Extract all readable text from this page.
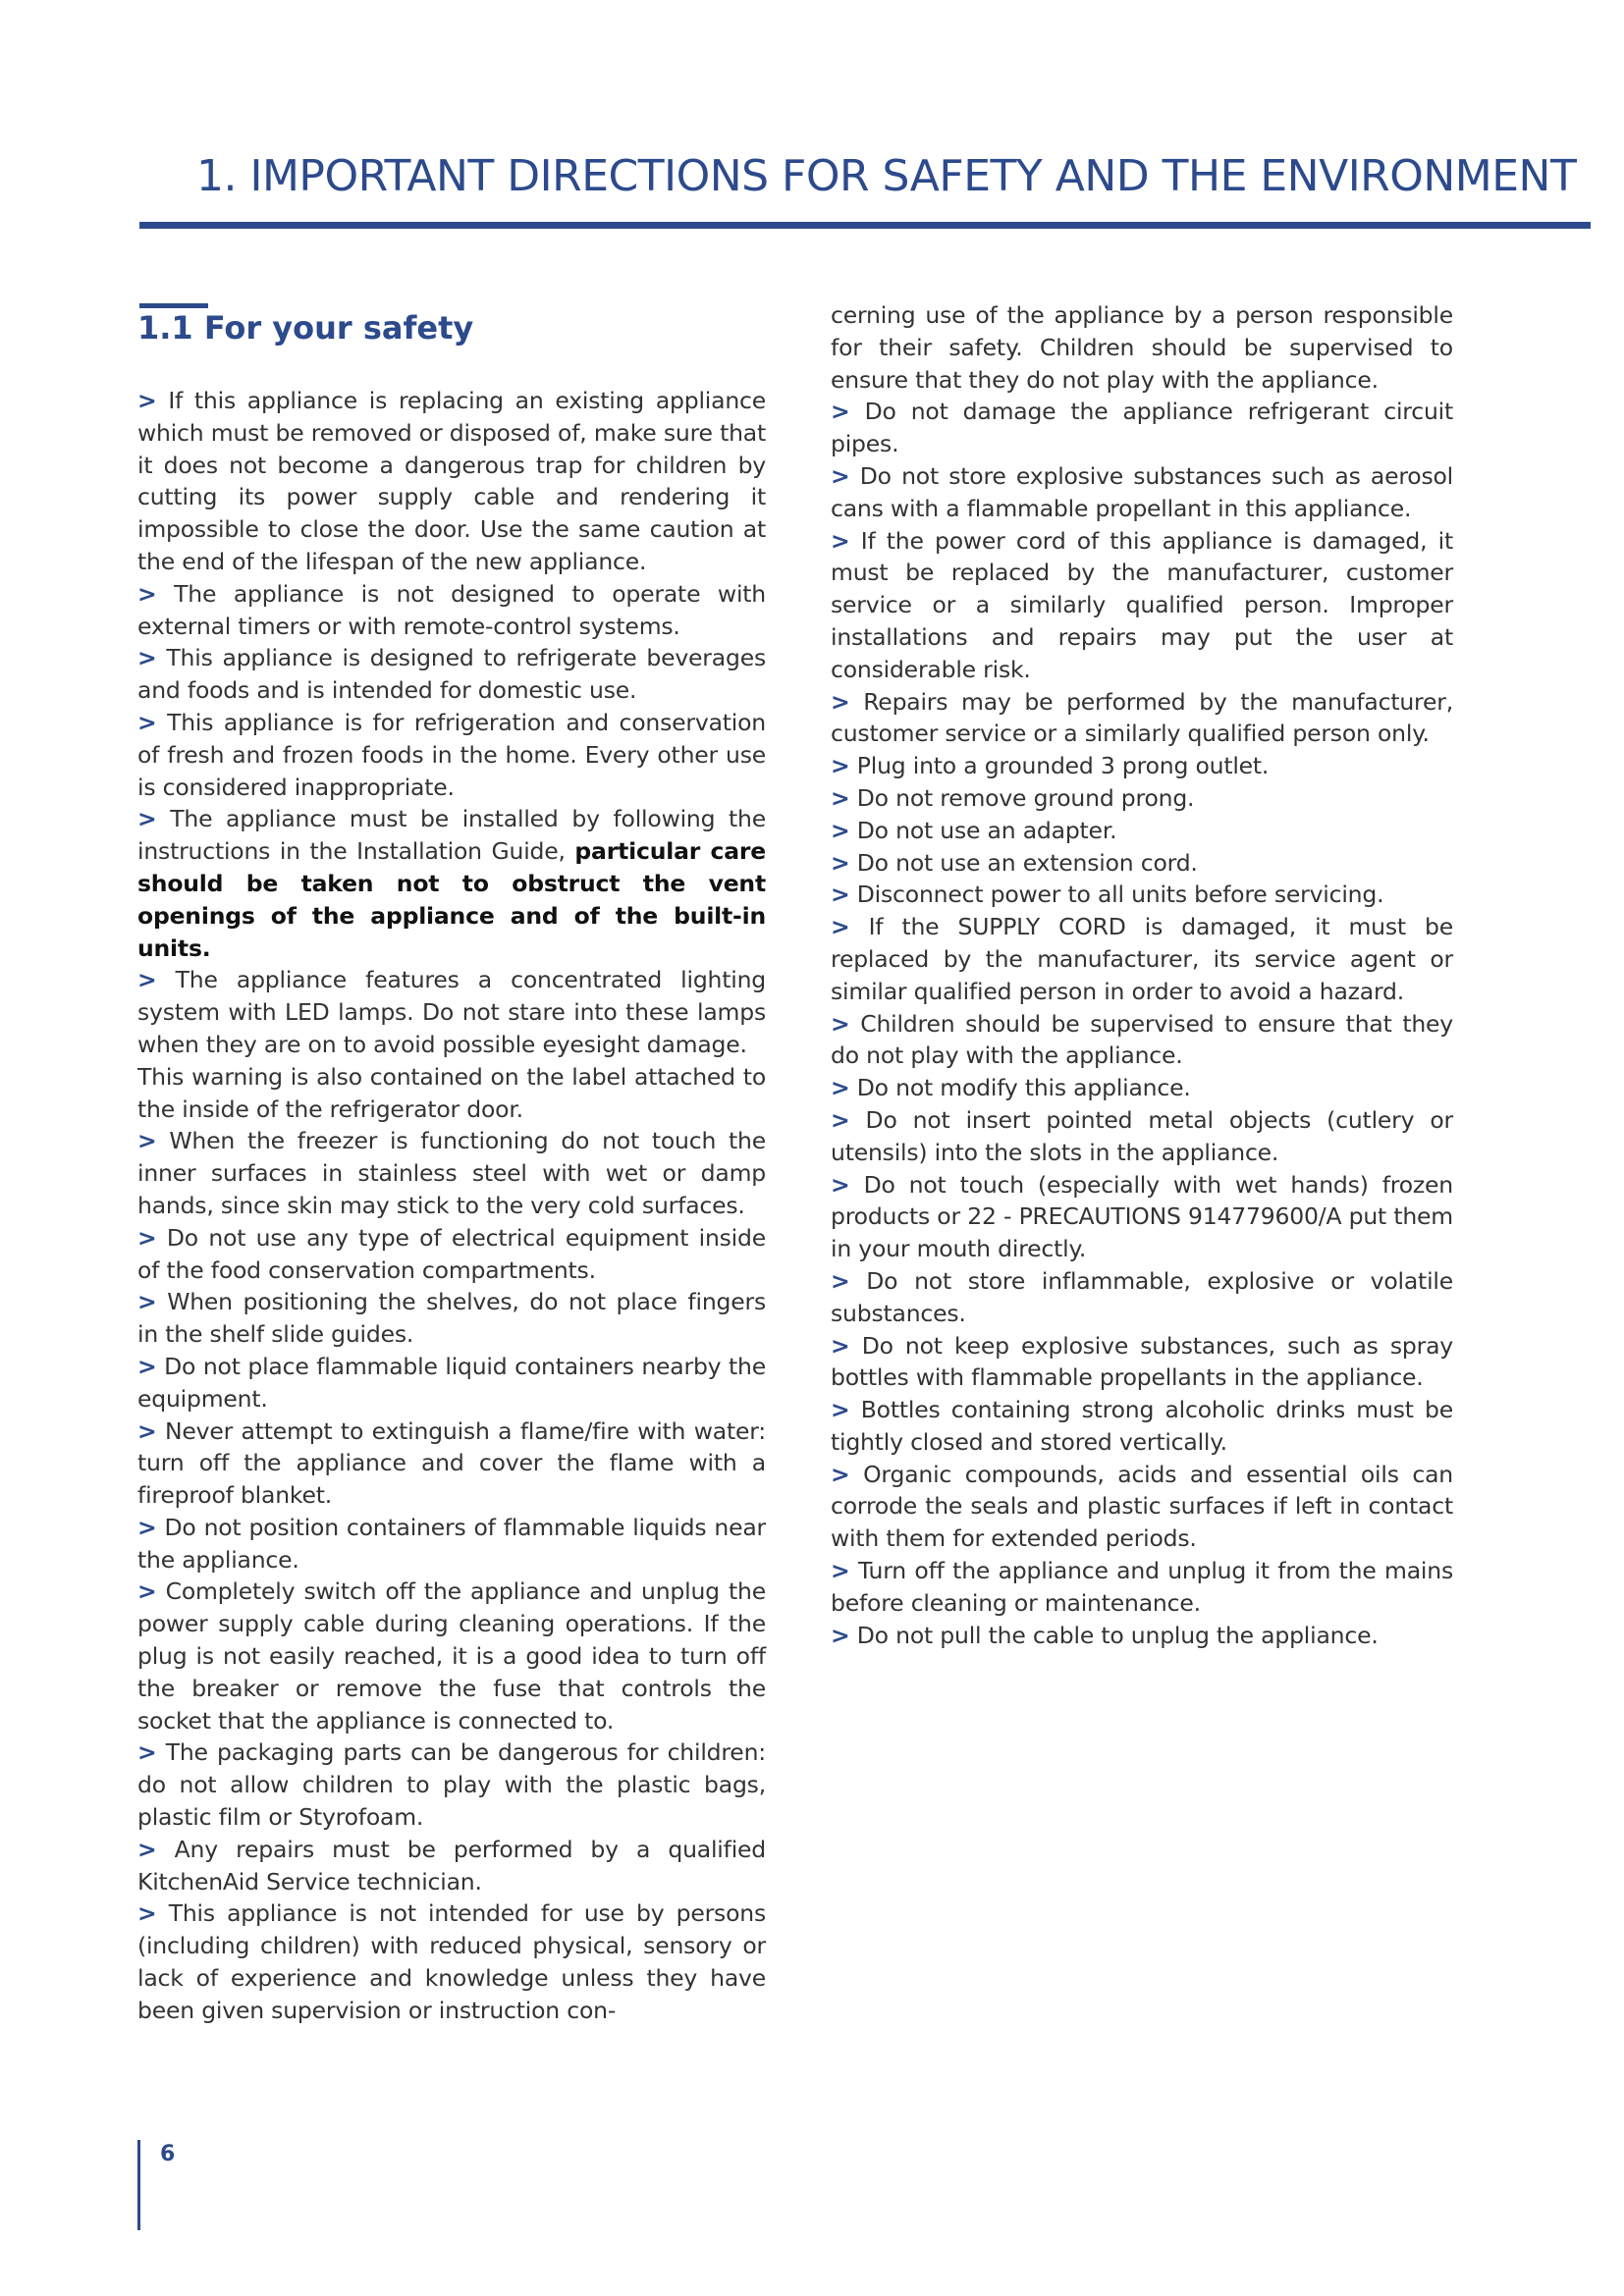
1. IMPORTANT DIRECTIONS FOR SAFETY AND THE ENVIRONMENT
1.1 For your safety

> If this appliance is replacing an existing appliance which must be removed or disposed of, make sure that it does not become a dangerous trap for children by cutting its power supply cable and rendering it impossible to close the door. Use the same caution at the end of the lifespan of the new appliance.

> The appliance is not designed to operate with external timers or with remote-control systems.

> This appliance is designed to refrigerate beverages and foods and is intended for domestic use.

> This appliance is for refrigeration and conservation of fresh and frozen foods in the home. Every other use is considered inappropriate.

> The appliance must be installed by following the instructions in the Installation Guide, particular care should be taken not to obstruct the vent openings of the appliance and of the built-in units.

> The appliance features a concentrated lighting system with LED lamps. Do not stare into these lamps when they are on to avoid possible eyesight damage.

This warning is also contained on the label attached to the inside of the refrigerator door.

> When the freezer is functioning do not touch the inner surfaces in stainless steel with wet or damp hands, since skin may stick to the very cold surfaces.

> Do not use any type of electrical equipment inside of the food conservation compartments.

> When positioning the shelves, do not place fingers in the shelf slide guides.

> Do not place flammable liquid containers nearby the equipment.

> Never attempt to extinguish a flame/fire with water: turn off the appliance and cover the flame with a fireproof blanket.

> Do not position containers of flammable liquids near the appliance.

> Completely switch off the appliance and unplug the power supply cable during cleaning operations. If the plug is not easily reached, it is a good idea to turn off the breaker or remove the fuse that controls the socket that the appliance is connected to.

> The packaging parts can be dangerous for children: do not allow children to play with the plastic bags, plastic film or Styrofoam.

> Any repairs must be performed by a qualified KitchenAid Service technician.

> This appliance is not intended for use by persons (including children) with reduced physical, sensory or lack of experience and knowledge unless they have been given supervision or instruction con-

cerning use of the appliance by a person responsible for their safety. Children should be supervised to ensure that they do not play with the appliance.

> Do not damage the appliance refrigerant circuit pipes.

> Do not store explosive substances such as aerosol cans with a flammable propellant in this appliance.

> If the power cord of this appliance is damaged, it must be replaced by the manufacturer, customer service or a similarly qualified person. Improper installations and repairs may put the user at considerable risk.

> Repairs may be performed by the manufacturer, customer service or a similarly qualified person only.

> Plug into a grounded 3 prong outlet.

> Do not remove ground prong.

> Do not use an adapter.

> Do not use an extension cord.

> Disconnect power to all units before servicing.

> If the SUPPLY CORD is damaged, it must be replaced by the manufacturer, its service agent or similar qualified person in order to avoid a hazard.

> Children should be supervised to ensure that they do not play with the appliance.

> Do not modify this appliance.

> Do not insert pointed metal objects (cutlery or utensils) into the slots in the appliance.

> Do not touch (especially with wet hands) frozen products or 22 - PRECAUTIONS 914779600/A put them in your mouth directly.

> Do not store inflammable, explosive or volatile substances.

> Do not keep explosive substances, such as spray bottles with flammable propellants in the appliance.

> Bottles containing strong alcoholic drinks must be tightly closed and stored vertically.

> Organic compounds, acids and essential oils can corrode the seals and plastic surfaces if left in contact with them for extended periods.

> Turn off the appliance and unplug it from the mains before cleaning or maintenance.

> Do not pull the cable to unplug the appliance.

6
